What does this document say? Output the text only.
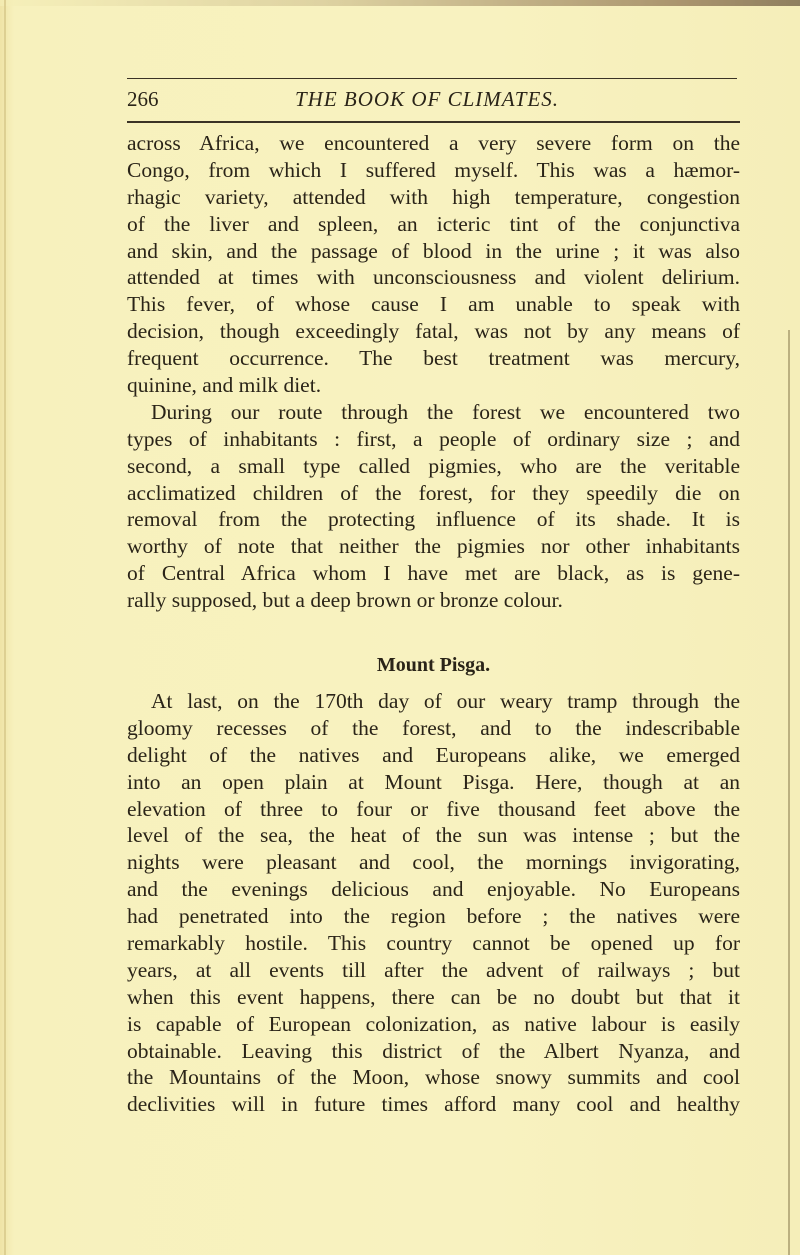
266	THE BOOK OF CLIMATES.
across Africa, we encountered a very severe form on the
Congo, from which I suffered myself. This was a hæmor-
rhagic variety, attended with high temperature, congestion
of the liver and spleen, an icteric tint of the conjunctiva
and skin, and the passage of blood in the urine ; it was also
attended at times with unconsciousness and violent delirium.
This fever, of whose cause I am unable to speak with
decision, though exceedingly fatal, was not by any means of
frequent occurrence. The best treatment was mercury,
quinine, and milk diet.
During our route through the forest we encountered two
types of inhabitants : first, a people of ordinary size ; and
second, a small type called pigmies, who are the veritable
acclimatized children of the forest, for they speedily die on
removal from the protecting influence of its shade. It is
worthy of note that neither the pigmies nor other inhabitants
of Central Africa whom I have met are black, as is gene-
rally supposed, but a deep brown or bronze colour.
Mount Pisga.
At last, on the 170th day of our weary tramp through the
gloomy recesses of the forest, and to the indescribable
delight of the natives and Europeans alike, we emerged
into an open plain at Mount Pisga. Here, though at an
elevation of three to four or five thousand feet above the
level of the sea, the heat of the sun was intense ; but the
nights were pleasant and cool, the mornings invigorating,
and the evenings delicious and enjoyable. No Europeans
had penetrated into the region before ; the natives were
remarkably hostile. This country cannot be opened up for
years, at all events till after the advent of railways ; but
when this event happens, there can be no doubt but that it
is capable of European colonization, as native labour is easily
obtainable. Leaving this district of the Albert Nyanza, and
the Mountains of the Moon, whose snowy summits and cool
declivities will in future times afford many cool and healthy
